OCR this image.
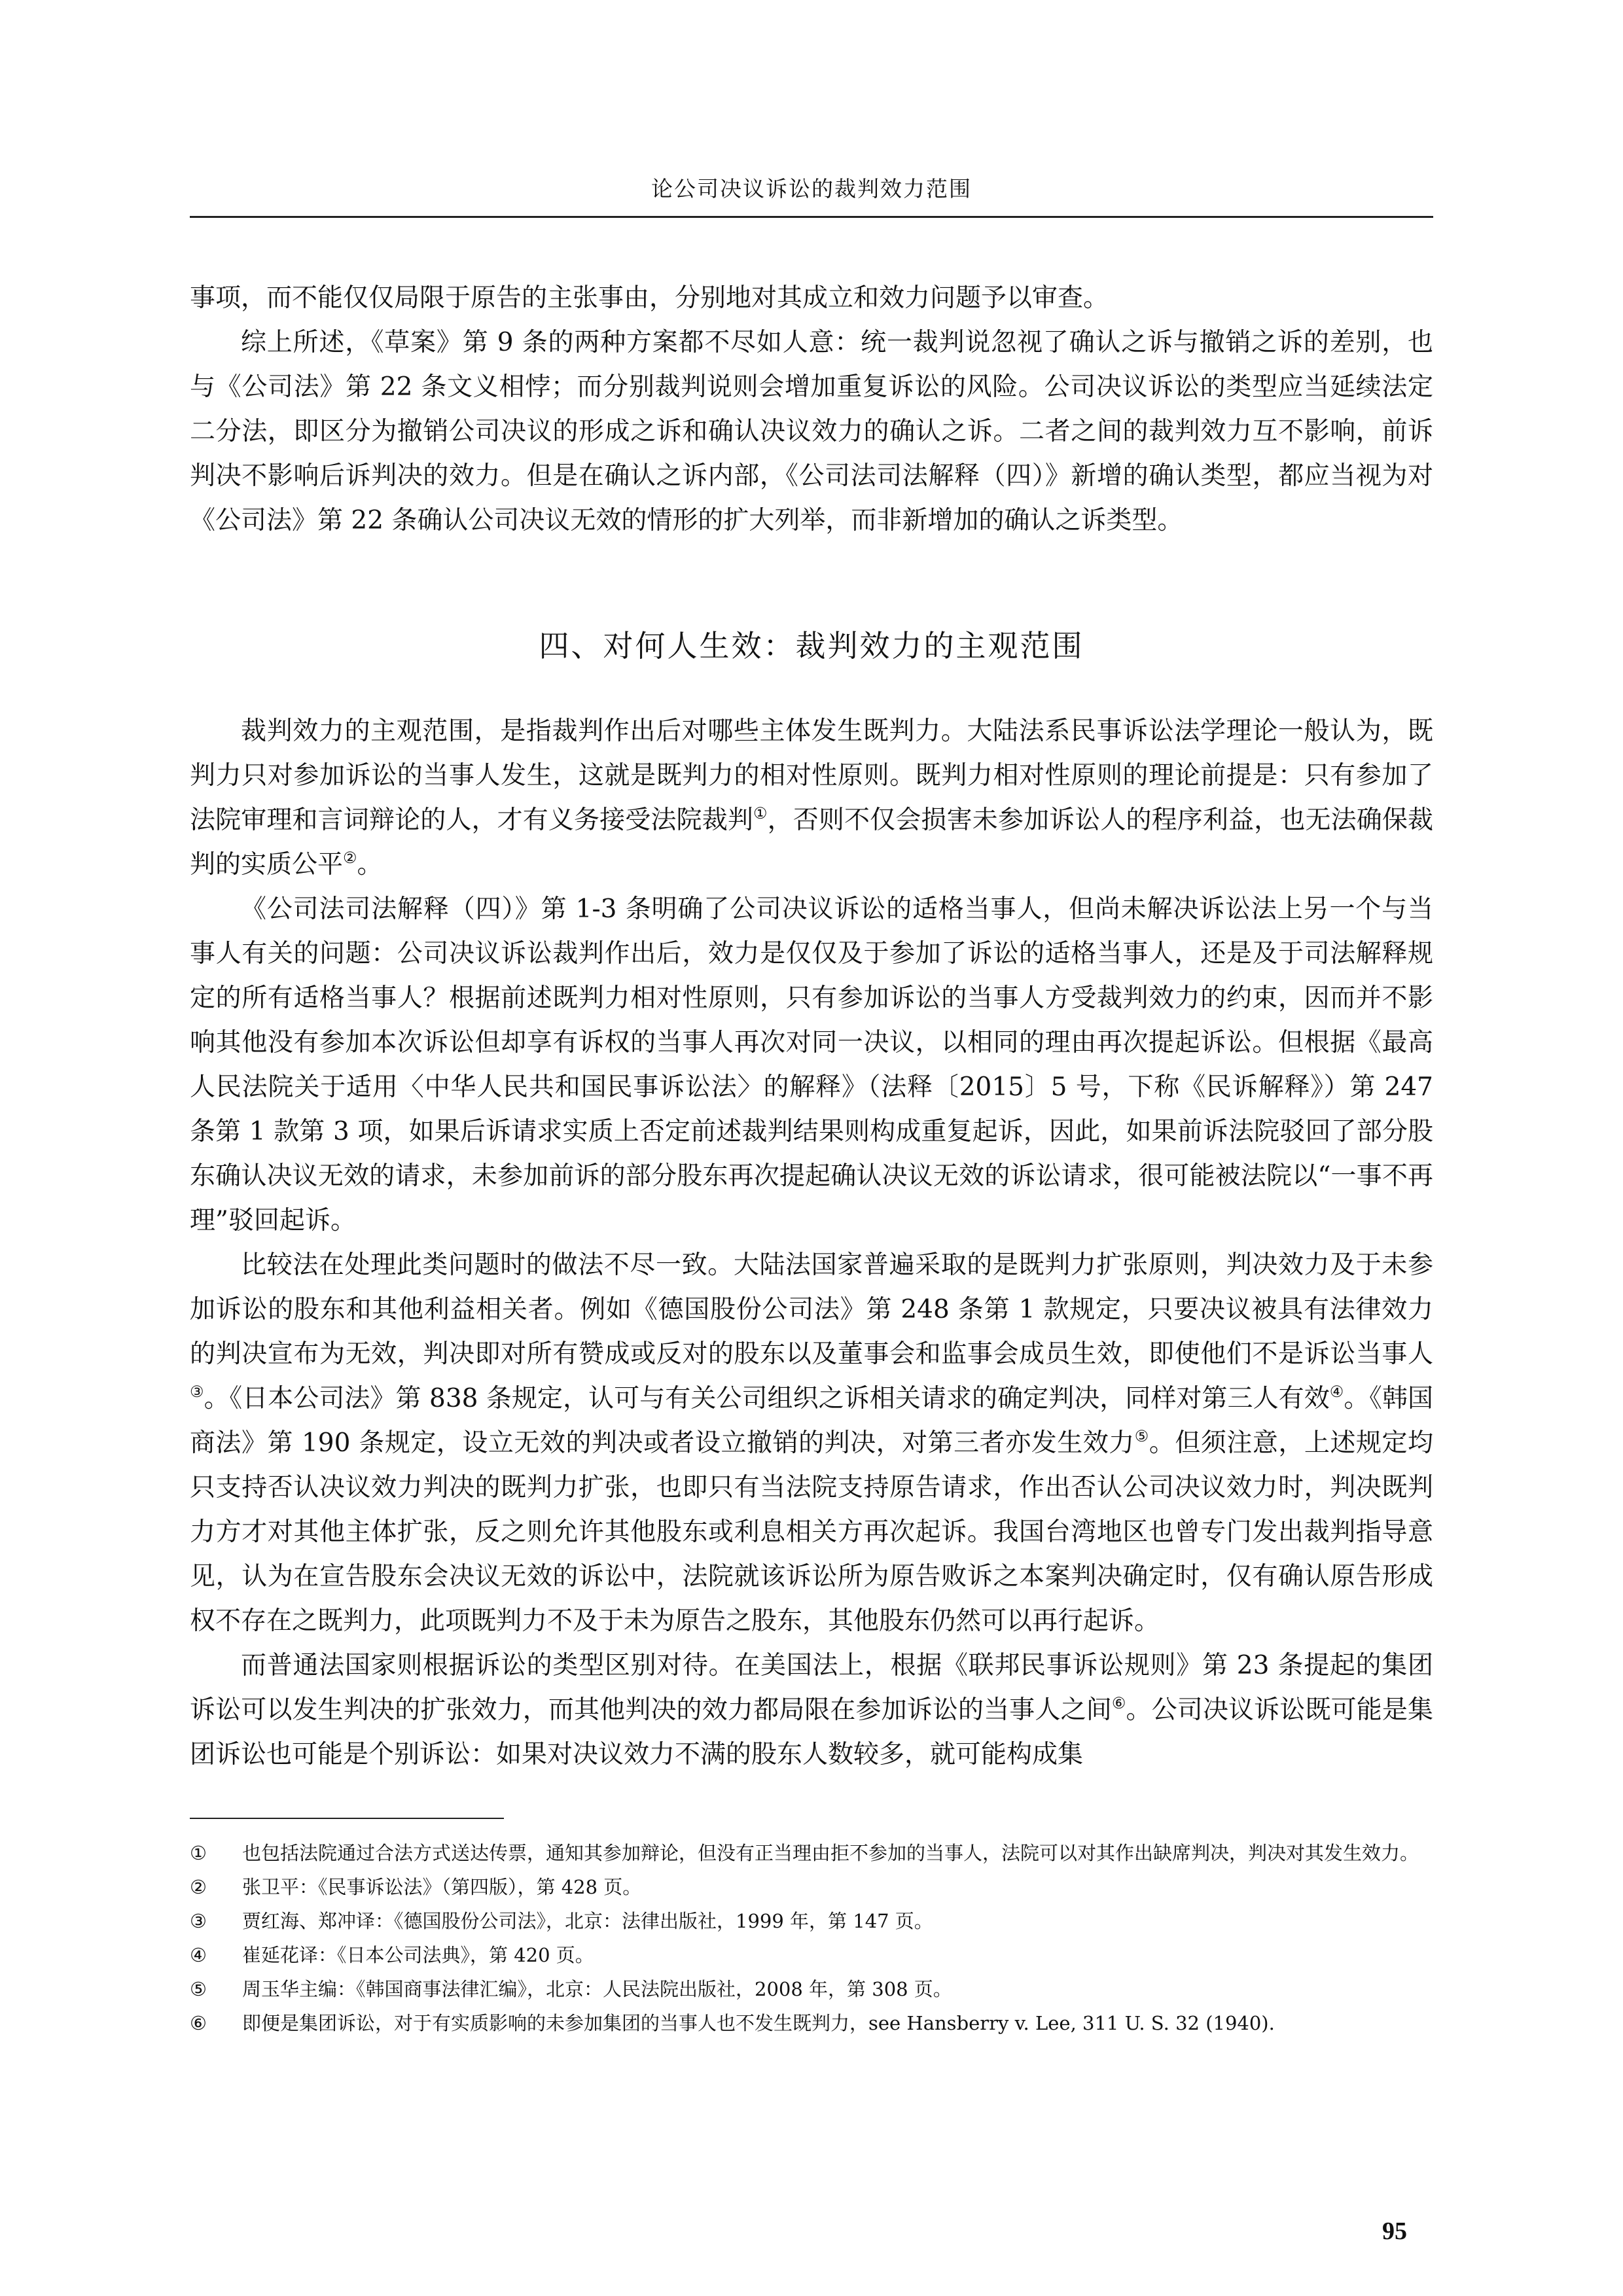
论公司决议诉讼的裁判效力范围

事项，而不能仅仅局限于原告的主张事由，分别地对其成立和效力问题予以审查。

综上所述，《草案》第 9 条的两种方案都不尽如人意：统一裁判说忽视了确认之诉与撤销之诉的差别，也与《公司法》第 22 条文义相悖；而分别裁判说则会增加重复诉讼的风险。公司决议诉讼的类型应当延续法定二分法，即区分为撤销公司决议的形成之诉和确认决议效力的确认之诉。二者之间的裁判效力互不影响，前诉判决不影响后诉判决的效力。但是在确认之诉内部，《公司法司法解释（四）》新增的确认类型，都应当视为对《公司法》第 22 条确认公司决议无效的情形的扩大列举，而非新增加的确认之诉类型。

四、对何人生效：裁判效力的主观范围

裁判效力的主观范围，是指裁判作出后对哪些主体发生既判力。大陆法系民事诉讼法学理论一般认为，既判力只对参加诉讼的当事人发生，这就是既判力的相对性原则。既判力相对性原则的理论前提是：只有参加了法院审理和言词辩论的人，才有义务接受法院裁判①，否则不仅会损害未参加诉讼人的程序利益，也无法确保裁判的实质公平②。

《公司法司法解释（四）》第 1-3 条明确了公司决议诉讼的适格当事人，但尚未解决诉讼法上另一个与当事人有关的问题：公司决议诉讼裁判作出后，效力是仅仅及于参加了诉讼的适格当事人，还是及于司法解释规定的所有适格当事人？根据前述既判力相对性原则，只有参加诉讼的当事人方受裁判效力的约束，因而并不影响其他没有参加本次诉讼但却享有诉权的当事人再次对同一决议，以相同的理由再次提起诉讼。但根据《最高人民法院关于适用〈中华人民共和国民事诉讼法〉的解释》（法释〔2015〕5 号，下称《民诉解释》）第 247 条第 1 款第 3 项，如果后诉请求实质上否定前述裁判结果则构成重复起诉，因此，如果前诉法院驳回了部分股东确认决议无效的请求，未参加前诉的部分股东再次提起确认决议无效的诉讼请求，很可能被法院以“一事不再理”驳回起诉。

比较法在处理此类问题时的做法不尽一致。大陆法国家普遍采取的是既判力扩张原则，判决效力及于未参加诉讼的股东和其他利益相关者。例如《德国股份公司法》第 248 条第 1 款规定，只要决议被具有法律效力的判决宣布为无效，判决即对所有赞成或反对的股东以及董事会和监事会成员生效，即使他们不是诉讼当事人③。《日本公司法》第 838 条规定，认可与有关公司组织之诉相关请求的确定判决，同样对第三人有效④。《韩国商法》第 190 条规定，设立无效的判决或者设立撤销的判决，对第三者亦发生效力⑤。但须注意，上述规定均只支持否认决议效力判决的既判力扩张，也即只有当法院支持原告请求，作出否认公司决议效力时，判决既判力方才对其他主体扩张，反之则允许其他股东或利息相关方再次起诉。我国台湾地区也曾专门发出裁判指导意见，认为在宣告股东会决议无效的诉讼中，法院就该诉讼所为原告败诉之本案判决确定时，仅有确认原告形成权不存在之既判力，此项既判力不及于未为原告之股东，其他股东仍然可以再行起诉。

而普通法国家则根据诉讼的类型区别对待。在美国法上，根据《联邦民事诉讼规则》第 23 条提起的集团诉讼可以发生判决的扩张效力，而其他判决的效力都局限在参加诉讼的当事人之间⑥。公司决议诉讼既可能是集团诉讼也可能是个别诉讼：如果对决议效力不满的股东人数较多，就可能构成集

① 也包括法院通过合法方式送达传票，通知其参加辩论，但没有正当理由拒不参加的当事人，法院可以对其作出缺席判决，判决对其发生效力。
② 张卫平：《民事诉讼法》（第四版），第 428 页。
③ 贾红海、郑冲译：《德国股份公司法》，北京：法律出版社，1999 年，第 147 页。
④ 崔延花译：《日本公司法典》，第 420 页。
⑤ 周玉华主编：《韩国商事法律汇编》，北京：人民法院出版社，2008 年，第 308 页。
⑥ 即便是集团诉讼，对于有实质影响的未参加集团的当事人也不发生既判力，see Hansberry v. Lee, 311 U. S. 32 (1940).
95
